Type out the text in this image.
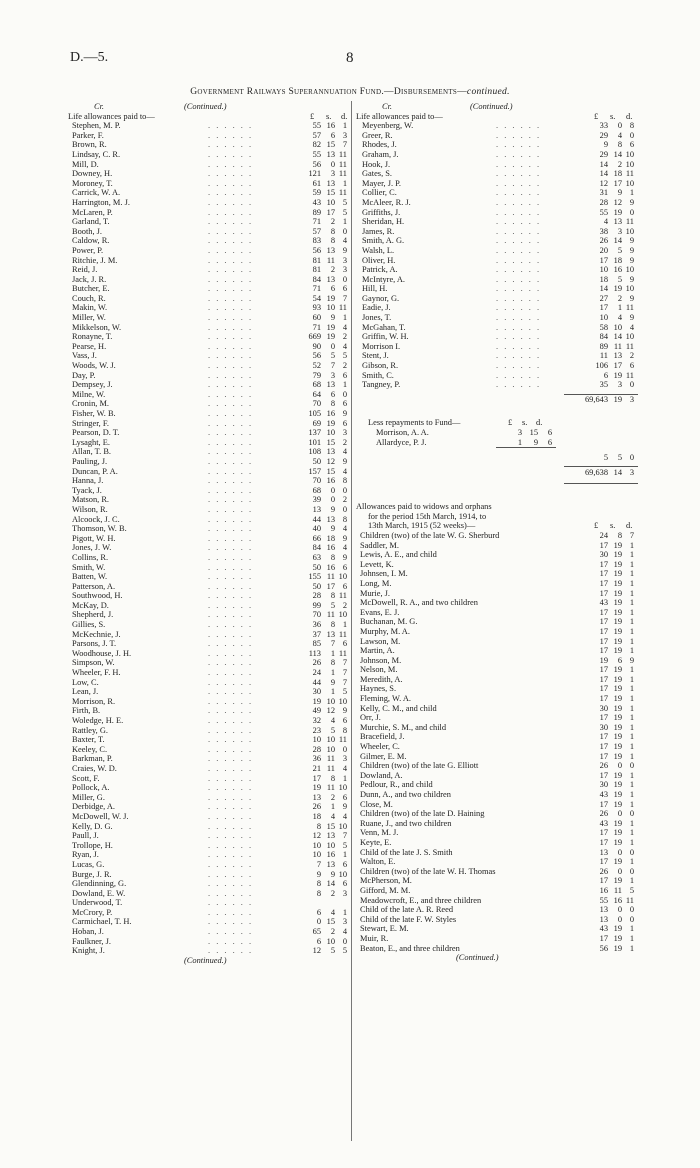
D.—5.	8
Government Railways Superannuation Fund.—Disbursements—continued.
Cr.	(Continued.)
Life allowances paid to—	£ s. d.
Stephen, M. P.	. . . . . .	55 16 1
Parker, F.	. . . . . .	57 6 3
Brown, R.	. . . . . .	82 15 7
Lindsay, C. R.	. . . . . .	55 13 11
Mill, D.	. . . . . .	56 0 11
Downey, H.	. . . . . .	121 3 11
Moroney, T.	. . . . . .	61 13 1
Carrick, W. A.	. . . . . .	59 15 11
Harrington, M. J.	. . . . . .	43 10 5
McLaren, P.	. . . . . .	89 17 5
Garland, T.	. . . . . .	71 2 1
Booth, J.	. . . . . .	57 8 0
Caldow, R.	. . . . . .	83 8 4
Power, P.	. . . . . .	56 13 9
Ritchie, J. M.	. . . . . .	81 11 3
Reid, J.	. . . . . .	81 2 3
Jack, J. R.	. . . . . .	84 13 0
Butcher, E.	. . . . . .	71 6 6
Couch, R.	. . . . . .	54 19 7
Makin, W.	. . . . . .	93 10 11
Miller, W.	. . . . . .	60 9 1
Mikkelson, W.	. . . . . .	71 19 4
Ronayne, T.	. . . . . .	669 19 2
Pearse, H.	. . . . . .	90 0 4
Vass, J.	. . . . . .	56 5 5
Woods, W. J.	. . . . . .	52 7 2
Day, P.	. . . . . .	79 3 6
Dempsey, J.	. . . . . .	68 13 1
Milne, W.	. . . . . .	64 6 0
Cronin, M.	. . . . . .	70 8 6
Fisher, W. B.	. . . . . .	105 16 9
Stringer, F.	. . . . . .	69 19 6
Pearson, D. T.	. . . . . .	137 10 3
Lysaght, E.	. . . . . .	101 15 2
Allan, T. B.	. . . . . .	108 13 4
Pauling, J.	. . . . . .	50 12 9
Duncan, P. A.	. . . . . .	157 15 4
Hanna, J.	. . . . . .	70 16 8
Tyack, J.	. . . . . .	68 0 0
Matson, R.	. . . . . .	39 0 2
Wilson, R.	. . . . . .	13 9 0
Alcoock, J. C.	. . . . . .	44 13 8
Thomson, W. B.	. . . . . .	40 9 4
Pigott, W. H.	. . . . . .	66 18 9
Jones, J. W.	. . . . . .	84 16 4
Collins, R.	. . . . . .	63 8 9
Smith, W.	. . . . . .	50 16 6
Batten, W.	. . . . . .	155 11 10
Patterson, A.	. . . . . .	50 17 6
Southwood, H.	. . . . . .	28 8 11
McKay, D.	. . . . . .	99 5 2
Shepherd, J.	. . . . . .	70 11 10
Gillies, S.	. . . . . .	36 8 1
McKechnie, J.	. . . . . .	37 13 11
Parsons, J. T.	. . . . . .	85 7 6
Woodhouse, J. H.	. . . . . .	113 1 11
Simpson, W.	. . . . . .	26 8 7
Wheeler, F. H.	. . . . . .	24 1 7
Low, C.	. . . . . .	44 9 7
Lean, J.	. . . . . .	30 1 5
Morrison, R.	. . . . . .	19 10 10
Firth, B.	. . . . . .	49 12 9
Woledge, H. E.	. . . . . .	32 4 6
Rattley, G.	. . . . . .	23 5 8
Baxter, T.	. . . . . .	10 10 11
Keeley, C.	. . . . . .	28 10 0
Barkman, P.	. . . . . .	36 11 3
Craies, W. D.	. . . . . .	21 11 4
Scott, F.	. . . . . .	17 8 1
Pollock, A.	. . . . . .	19 11 10
Miller, G.	. . . . . .	13 2 6
Derbidge, A.	. . . . . .	26 1 9
McDowell, W. J.	. . . . . .	18 4 4
Kelly, D. G.	. . . . . .	8 15 10
Paull, J.	. . . . . .	12 13 7
Trollope, H.	. . . . . .	10 10 5
Ryan, J.	. . . . . .	10 16 1
Lucas, G.	. . . . . .	7 13 6
Burge, J. R.	. . . . . .	9 9 10
Glendinning, G.	. . . . . .	8 14 6
Dowland, E. W.	. . . . . .	8 2 3
Underwood, T.	. . . . . .
McCrory, P.	. . . . . .	6 4 1
Carmichael, T. H.	. . . . . .	0 15 3
Hoban, J.	. . . . . .	65 2 4
Faulkner, J.	. . . . . .	6 10 0
Knight, J.	. . . . . .	12 5 5
(Continued.)
Cr.	(Continued.)
Life allowances paid to—	£ s. d.
Meyenberg, W.	. . . . . .	33 0 8
Greer, R.	. . . . . .	29 4 0
Rhodes, J.	. . . . . .	9 8 6
Graham, J.	. . . . . .	29 14 10
Hook, J.	. . . . . .	14 2 10
Gates, S.	. . . . . .	14 18 11
Mayer, J. P.	. . . . . .	12 17 10
Collier, C.	. . . . . .	31 9 1
McAleer, R. J.	. . . . . .	28 12 9
Griffiths, J.	. . . . . .	55 19 0
Sheridan, H.	. . . . . .	4 13 11
James, R.	. . . . . .	38 3 10
Smith, A. G.	. . . . . .	26 14 9
Walsh, L.	. . . . . .	20 5 9
Oliver, H.	. . . . . .	17 18 9
Patrick, A.	. . . . . .	10 16 10
McIntyre, A.	. . . . . .	18 5 9
Hill, H.	. . . . . .	14 19 10
Gaynor, G.	. . . . . .	27 2 9
Eadie, J.	. . . . . .	17 1 11
Jones, T.	. . . . . .	10 4 9
McGahan, T.	. . . . . .	58 10 4
Griffin, W. H.	. . . . . .	84 14 10
Morrison I.	. . . . . .	89 11 11
Stent, J.	. . . . . .	11 13 2
Gibson, R.	. . . . . .	106 17 6
Smith, C.	. . . . . .	6 19 11
Tangney, P.	. . . . . .	35 3 0
69,643 19 3
Less repayments to Fund—	£ s. d.
Morrison, A. A.	3 15 6
Allardyce, P. J.	1 9 6
5 5 0
69,638 14 3
Allowances paid to widows and orphans
for the period 15th March, 1914, to
13th March, 1915 (52 weeks)—	£ s. d.
Children (two) of the late W. G. Sherburd	24 8 7
Saddler, M.	17 19 1
Lewis, A. E., and child	30 19 1
Levett, K.	17 19 1
Johnsen, I. M.	17 19 1
Long, M.	17 19 1
Murie, J.	17 19 1
McDowell, R. A., and two children	43 19 1
Evans, E. J.	17 19 1
Buchanan, M. G.	17 19 1
Murphy, M. A.	17 19 1
Lawson, M.	17 19 1
Martin, A.	17 19 1
Johnson, M.	19 6 9
Nelson, M.	17 19 1
Meredith, A.	17 19 1
Haynes, S.	17 19 1
Fleming, W. A.	17 19 1
Kelly, C. M., and child	30 19 1
Orr, J.	17 19 1
Murchie, S. M., and child	30 19 1
Bracefield, J.	17 19 1
Wheeler, C.	17 19 1
Gilmer, E. M.	17 19 1
Children (two) of the late G. Elliott	26 0 0
Dowland, A.	17 19 1
Pedlour, R., and child	30 19 1
Dunn, A., and two children	43 19 1
Close, M.	17 19 1
Children (two) of the late D. Haining	26 0 0
Ruane, J., and two children	43 19 1
Venn, M. J.	17 19 1
Keyte, E.	17 19 1
Child of the late J. S. Smith	13 0 0
Walton, E.	17 19 1
Children (two) of the late W. H. Thomas	26 0 0
McPherson, M.	17 19 1
Gifford, M. M.	16 11 5
Meadowcroft, E., and three children	55 16 11
Child of the late A. R. Reed	13 0 0
Child of the late F. W. Styles	13 0 0
Stewart, E. M.	43 19 1
Muir, R.	17 19 1
Beaton, E., and three children	56 19 1
(Continued.)
